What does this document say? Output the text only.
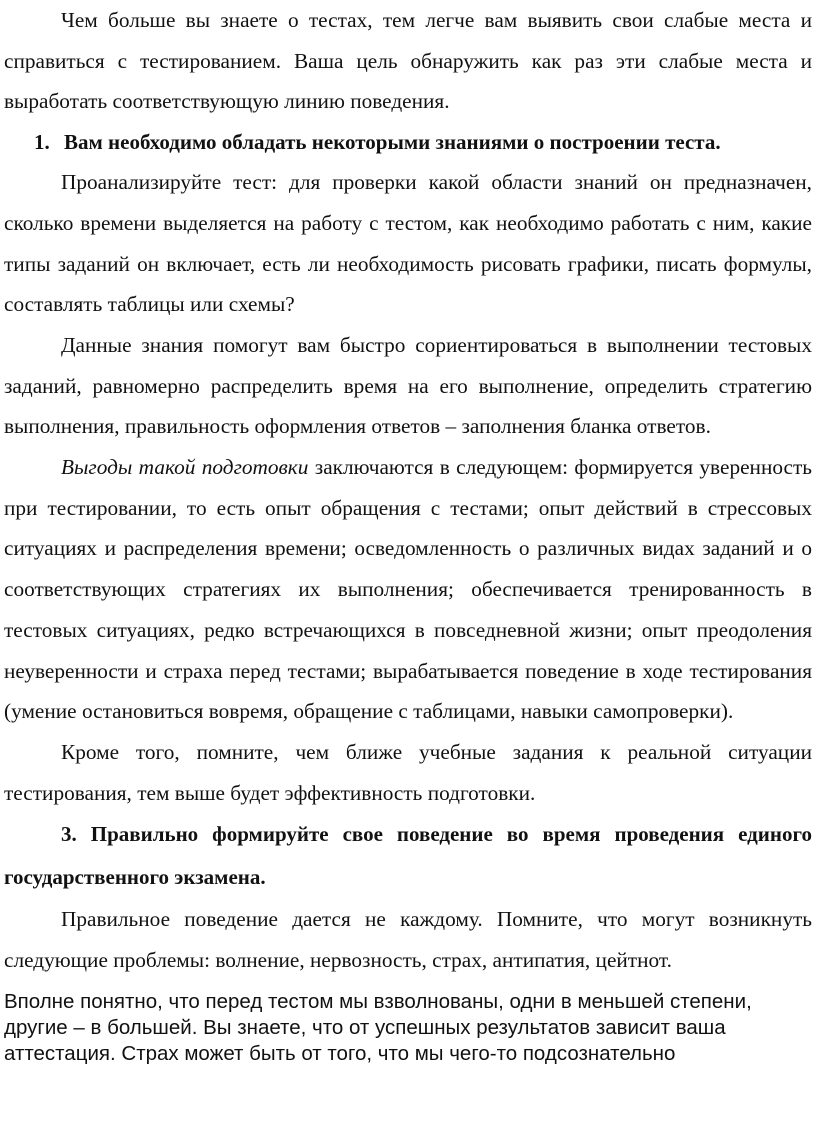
Чем больше вы знаете о тестах, тем легче вам выявить свои слабые места и справиться с тестированием. Ваша цель обнаружить как раз эти слабые места и выработать соответствующую линию поведения.

1. Вам необходимо обладать некоторыми знаниями о построении теста.

Проанализируйте тест: для проверки какой области знаний он предназначен, сколько времени выделяется на работу с тестом, как необходимо работать с ним, какие типы заданий он включает, есть ли необходимость рисовать графики, писать формулы, составлять таблицы или схемы?

Данные знания помогут вам быстро сориентироваться в выполнении тестовых заданий, равномерно распределить время на его выполнение, определить стратегию выполнения, правильность оформления ответов – заполнения бланка ответов.

Выгоды такой подготовки заключаются в следующем: формируется уверенность при тестировании, то есть опыт обращения с тестами; опыт действий в стрессовых ситуациях и распределения времени; осведомленность о различных видах заданий и о соответствующих стратегиях их выполнения; обеспечивается тренированность в тестовых ситуациях, редко встречающихся в повседневной жизни; опыт преодоления неуверенности и страха перед тестами; вырабатывается поведение в ходе тестирования (умение остановиться вовремя, обращение с таблицами, навыки самопроверки).

Кроме того, помните, чем ближе учебные задания к реальной ситуации тестирования, тем выше будет эффективность подготовки.

3. Правильно формируйте свое поведение во время проведения единого государственного экзамена.

Правильное поведение дается не каждому. Помните, что могут возникнуть следующие проблемы: волнение, нервозность, страх, антипатия, цейтнот.

Вполне понятно, что перед тестом мы взволнованы, одни в меньшей степени,
другие – в большей. Вы знаете, что от успешных результатов зависит ваша
аттестация. Страх может быть от того, что мы чего-то подсознательно
